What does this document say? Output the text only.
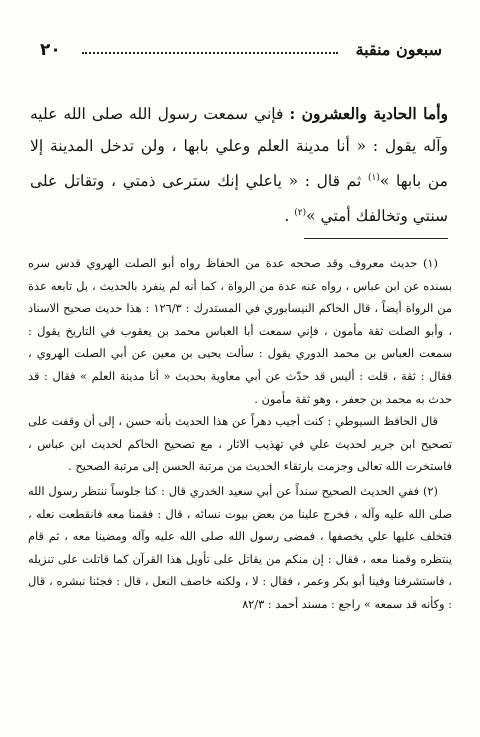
سبعون منقبة
٢٠
وأما الحادية والعشرون : فإني سمعت رسول الله صلى الله عليه وآله يقول : « أنا مدينة العلم وعلي بابها ، ولن تدخل المدينة إلا من بابها »$^{(١)}$ ثم قال : « ياعلي إنك سترعى ذمتي ، وتقاتل على سنتي وتخالفك أمتي »$^{(٢)}$ .

(١) حديث معروف وقد صححه عدة من الحفاظ رواه أبو الصلت الهروي قدس سره بسنده عن ابن عباس ، رواه عنه عدة من الرواة ، كما أنه لم ينفرد بالحديث ، بل تابعه عدة من الرواة أيضاً ، قال الحاكم النيسابوري في المستدرك : ١٢٦/٣ : هذا حديث صحيح الاسناد ، وأبو الصلت ثقة مأمون ، فإني سمعت أبا العباس محمد بن يعقوب في التاريخ يقول : سمعت العباس بن محمد الدوري يقول : سألت يحيى بن معين عن أبي الصلت الهروي ، فقال : ثقة ، قلت : أليس قد حدّث عن أبي معاوية بحديث « أنا مدينة العلم » فقال : قد حدث به محمد بن جعفر ، وهو ثقة مأمون .

قال الحافظ السيوطي : كنت أجيب دهراً عن هذا الحديث بأنه حسن ، إلى أن وقفت على تصحيح ابن جرير لحديث علي في تهذيب الاثار ، مع تصحيح الحاكم لحديث ابن عباس ، فاستخرت الله تعالى وجزمت بارتقاء الحديث من مرتبة الحسن إلى مرتبة الصحيح .

(٢) ففي الحديث الصحيح سنداً عن أبي سعيد الخدري قال : كنا جلوساً ننتظر رسول الله صلى الله عليه وآله ، فخرج علينا من بعض بيوت نسائه ، قال : فقمنا معه فانقطعت نعله ، فتخلف عليها علي يخصفها ، فمضى رسول الله صلى الله عليه وآله ومضينا معه ، ثم قام ينتظره وقمنا معه ، فقال : إن منكم من يقاتل على تأويل هذا القرآن كما قاتلت على تنزيله ، فاستشرفنا وفينا أبو بكر وعمر ، فقال : لا ، ولكنه خاصف النعل ، قال : فجئنا نبشره ، قال : وكأنه قد سمعه » راجع : مسند أحمد : ٨٢/٣
